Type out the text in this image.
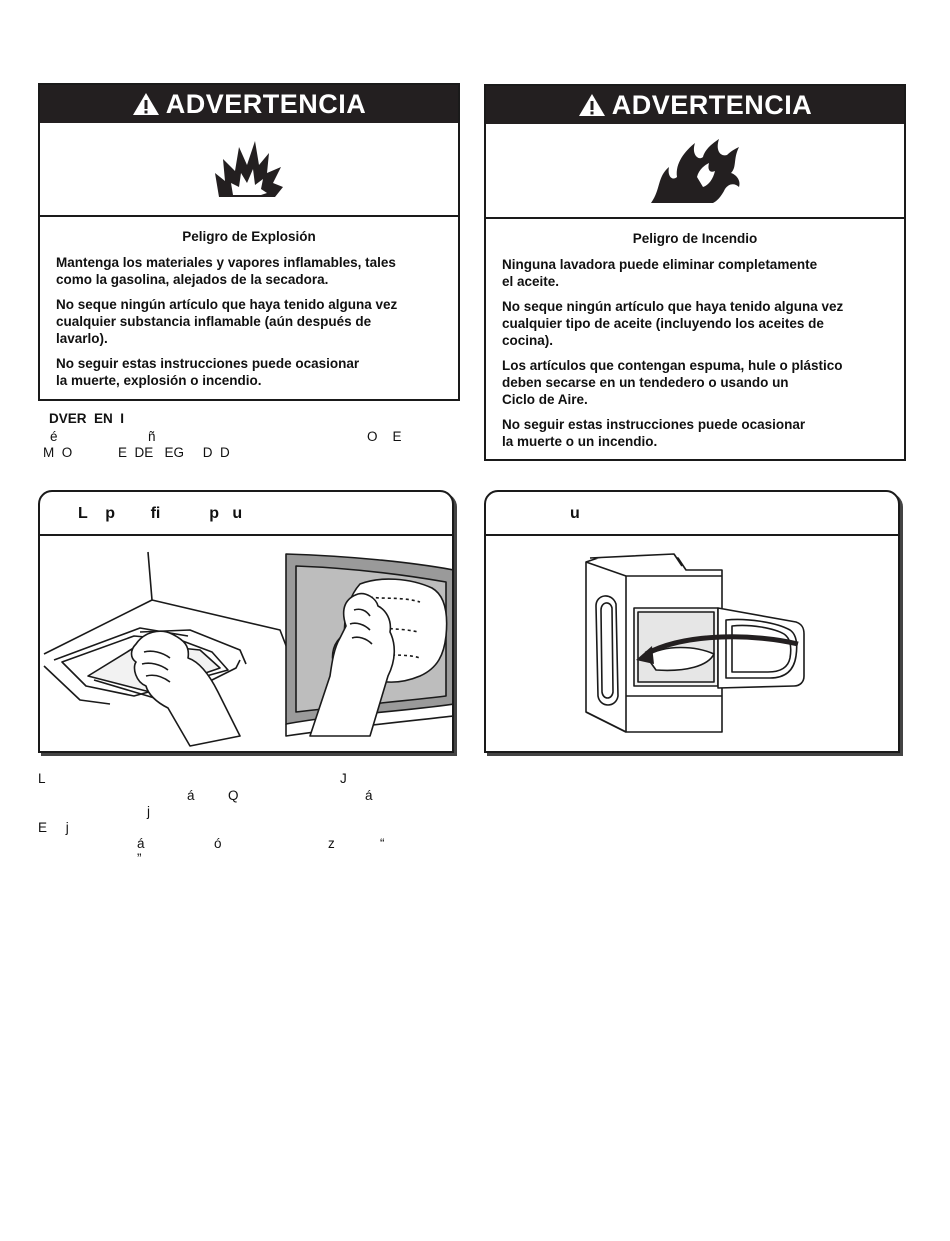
ADVERTENCIA

Peligro de Explosión

Mantenga los materiales y vapores inflamables, tales
como la gasolina, alejados de la secadora.

No seque ningún artículo que haya tenido alguna vez
cualquier substancia inflamable (aún después de
lavarlo).

No seguir estas instrucciones puede ocasionar
la muerte, explosión o incendio.

ADVERTENCIA

Peligro de Incendio

Ninguna lavadora puede eliminar completamente
el aceite.

No seque ningún artículo que haya tenido alguna vez
cualquier tipo de aceite (incluyendo los aceites de
cocina).

Los artículos que contengan espuma, hule o plástico
deben secarse en un tendedero o usando un
Ciclo de Aire.

No seguir estas instrucciones puede ocasionar
la muerte o un incendio.

DVER  EN  I
é	ñ	O    E
M  O	E  DE   EG     D  D
L    p        fi           p   u	u
L	J
á Q	á
j
E     j
á	ó	z	“
”
